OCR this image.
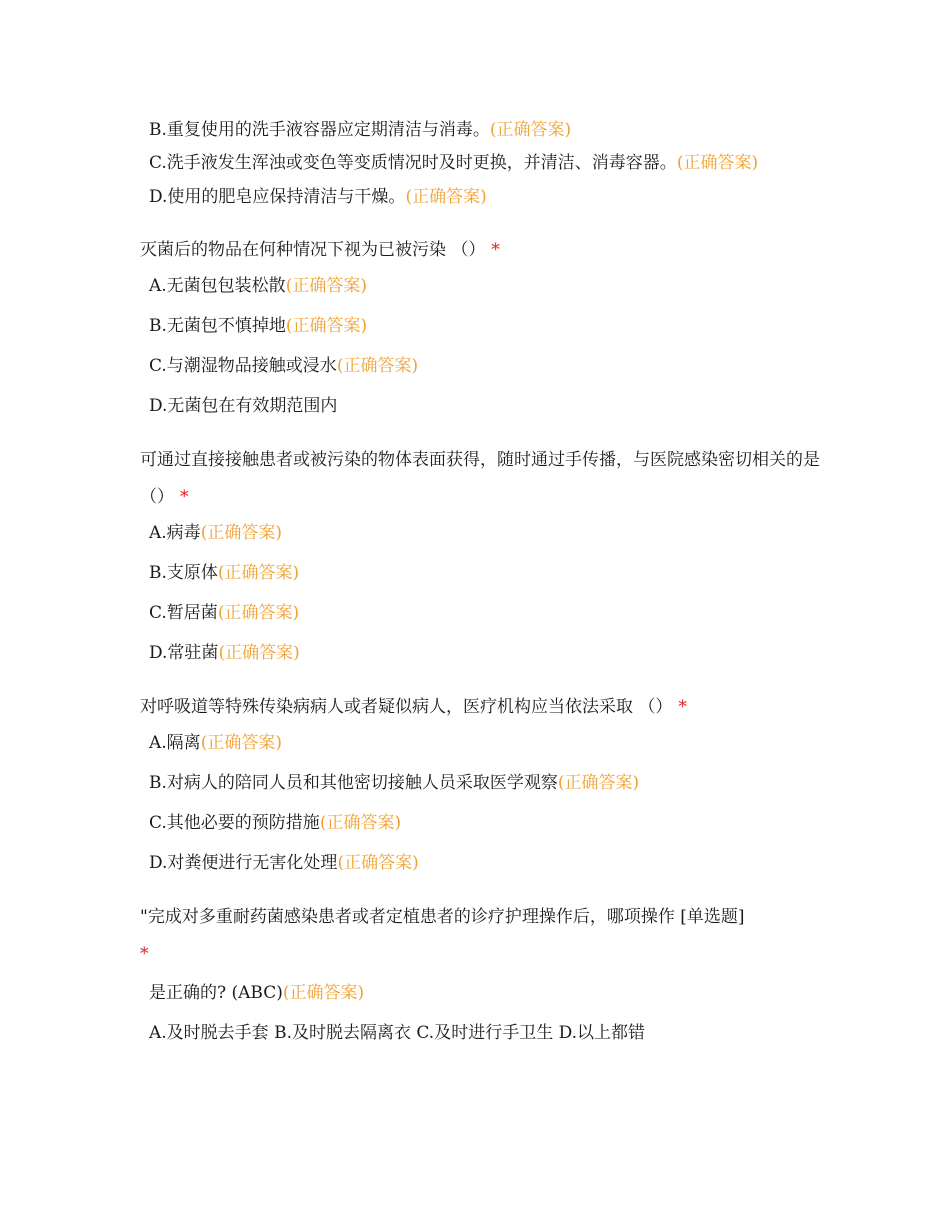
B.重复使用的洗手液容器应定期清洁与消毒。(正确答案)

C.洗手液发生浑浊或变色等变质情况时及时更换，并清洁、消毒容器。(正确答案)

D.使用的肥皂应保持清洁与干燥。(正确答案)

灭菌后的物品在何种情况下视为已被污染 （） *

A.无菌包包装松散(正确答案)

B.无菌包不慎掉地(正确答案)

C.与潮湿物品接触或浸水(正确答案)

D.无菌包在有效期范围内

可通过直接接触患者或被污染的物体表面获得，随时通过手传播，与医院感染密切相关的是 （） *

A.病毒(正确答案)

B.支原体(正确答案)

C.暂居菌(正确答案)

D.常驻菌(正确答案)

对呼吸道等特殊传染病病人或者疑似病人，医疗机构应当依法采取 （） *

A.隔离(正确答案)

B.对病人的陪同人员和其他密切接触人员采取医学观察(正确答案)

C.其他必要的预防措施(正确答案)

D.对粪便进行无害化处理(正确答案)

"完成对多重耐药菌感染患者或者定植患者的诊疗护理操作后，哪项操作 [单选题]
*

是正确的? (ABC)(正确答案)

A.及时脱去手套 B.及时脱去隔离衣 C.及时进行手卫生 D.以上都错
